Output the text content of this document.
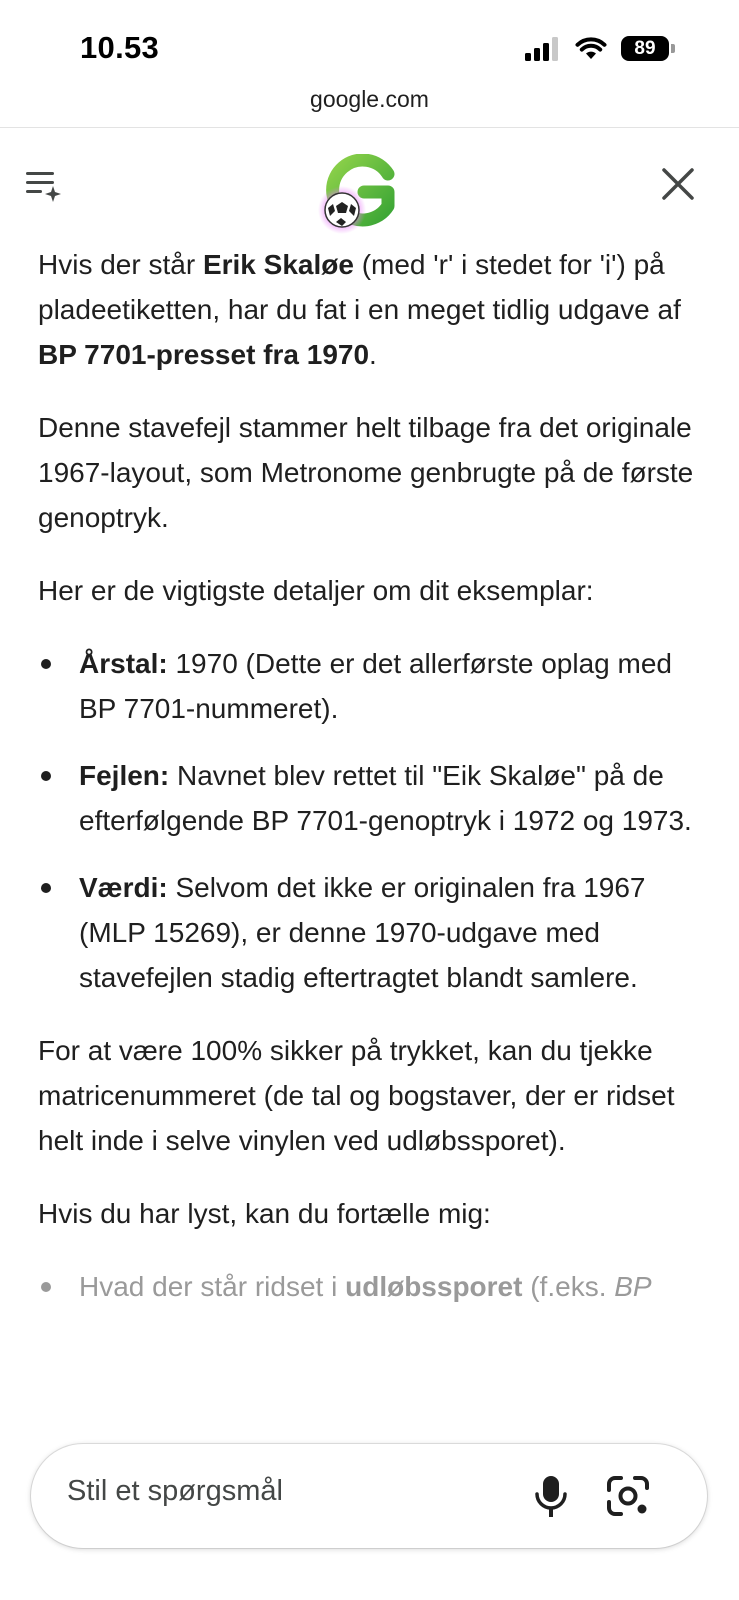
10.53	89
google.com

Hvis der står Erik Skaløe (med 'r' i stedet for 'i') på pladeetiketten, har du fat i en meget tidlig udgave af BP 7701-presset fra 1970.

Denne stavefejl stammer helt tilbage fra det originale 1967-layout, som Metronome genbrugte på de første genoptryk.

Her er de vigtigste detaljer om dit eksemplar:

Årstal: 1970 (Dette er det allerførste oplag med BP 7701-nummeret).
Fejlen: Navnet blev rettet til "Eik Skaløe" på de efterfølgende BP 7701-genoptryk i 1972 og 1973.
Værdi: Selvom det ikke er originalen fra 1967 (MLP 15269), er denne 1970-udgave med stavefejlen stadig eftertragtet blandt samlere.

For at være 100% sikker på trykket, kan du tjekke matricenummeret (de tal og bogstaver, der er ridset helt inde i selve vinylen ved udløbssporet).

Hvis du har lyst, kan du fortælle mig:

Hvad der står ridset i udløbssporet (f.eks. BP
Stil et spørgsmål
